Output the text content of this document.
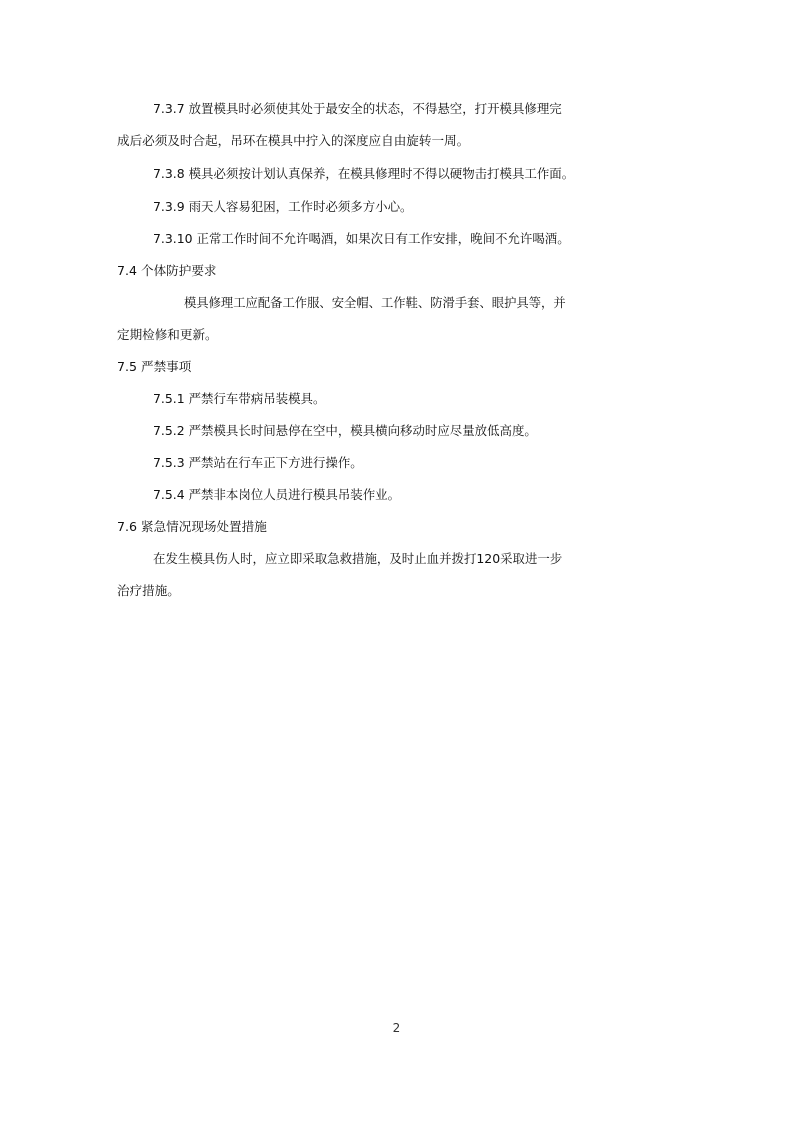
7.3.7 放置模具时必须使其处于最安全的状态，不得悬空，打开模具修理完
成后必须及时合起，吊环在模具中拧入的深度应自由旋转一周。
7.3.8 模具必须按计划认真保养，在模具修理时不得以硬物击打模具工作面。
7.3.9 雨天人容易犯困，工作时必须多方小心。
7.3.10 正常工作时间不允许喝酒，如果次日有工作安排，晚间不允许喝酒。
7.4 个体防护要求
模具修理工应配备工作服、安全帽、工作鞋、防滑手套、眼护具等，并
定期检修和更新。
7.5 严禁事项
7.5.1 严禁行车带病吊装模具。
7.5.2 严禁模具长时间悬停在空中，模具横向移动时应尽量放低高度。
7.5.3 严禁站在行车正下方进行操作。
7.5.4 严禁非本岗位人员进行模具吊装作业。
7.6 紧急情况现场处置措施
在发生模具伤人时，应立即采取急救措施，及时止血并拨打120采取进一步
治疗措施。
2
